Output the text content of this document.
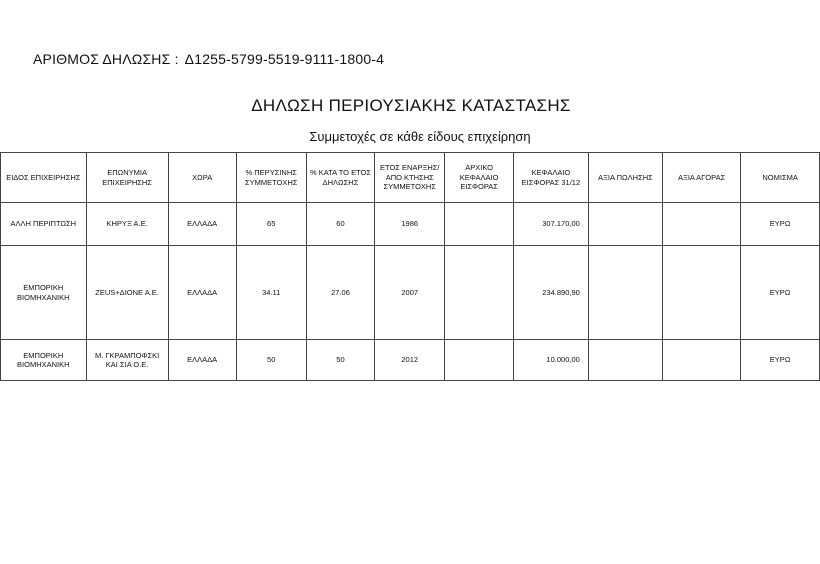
ΑΡΙΘΜΟΣ ΔΗΛΩΣΗΣ : Δ1255-5799-5519-9111-1800-4
ΔΗΛΩΣΗ ΠΕΡΙΟΥΣΙΑΚΗΣ ΚΑΤΑΣΤΑΣΗΣ
Συμμετοχές σε κάθε είδους επιχείρηση
ΕΙΔΟΣ ΕΠΙΧΕΙΡΗΣΗΣ	ΕΠΩΝΥΜΙΑ ΕΠΙΧΕΙΡΗΣΗΣ	ΧΩΡΑ	% ΠΕΡΥΣΙΝΗΣ ΣΥΜΜΕΤΟΧΗΣ	% ΚΑΤΑ ΤΟ ΕΤΟΣ ΔΗΛΩΣΗΣ	ΕΤΟΣ ΕΝΑΡΞΗΣ/ΑΠΟ ΚΤΗΣΗΣ ΣΥΜΜΕΤΟΧΗΣ	ΑΡΧΙΚΟ ΚΕΦΑΛΑΙΟ ΕΙΣΦΟΡΑΣ	ΚΕΦΑΛΑΙΟ ΕΙΣΦΟΡΑΣ 31/12	ΑΞΙΑ ΠΩΛΗΣΗΣ	ΑΞΙΑ ΑΓΟΡΑΣ	ΝΟΜΙΣΜΑ
ΑΛΛΗ ΠΕΡΙΠΤΩΣΗ	ΚΗΡΥΞ Α.Ε.	ΕΛΛΑΔΑ	65	60	1986		307.170,00			ΕΥΡΩ
ΕΜΠΟΡΙΚΗ ΒΙΟΜΗΧΑΝΙΚΗ	ZEUS+ΔΙΟΝΕ Α.Ε.	ΕΛΛΑΔΑ	34.11	27.06	2007		234.890,90			ΕΥΡΩ
ΕΜΠΟΡΙΚΗ ΒΙΟΜΗΧΑΝΙΚΗ	Μ. ΓΚΡΑΜΠΟΦΣΚΙ ΚΑΙ ΣΙΑ Ο.Ε.	ΕΛΛΑΔΑ	50	50	2012		10.000,00			ΕΥΡΩ
